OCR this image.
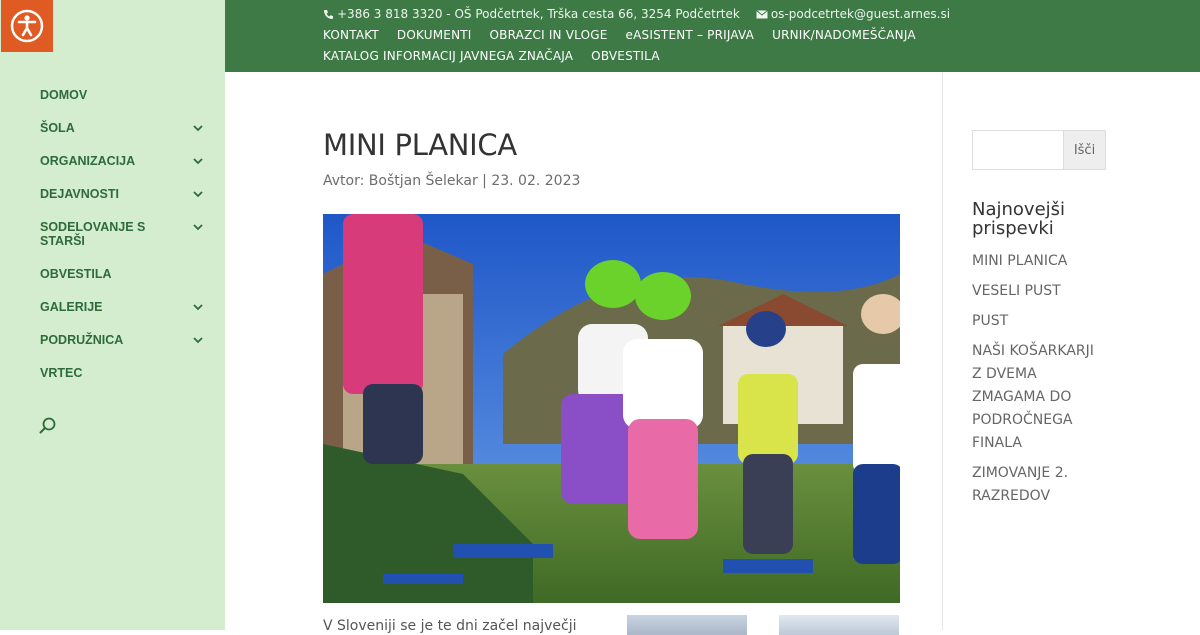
DOMOV
ŠOLA
ORGANIZACIJA
DEJAVNOSTI
SODELOVANJE S STARŠI
OBVESTILA
GALERIJE
PODRUŽNICA
VRTEC
+386 3 818 3320 - OŠ Podčetrtek, Trška cesta 66, 3254 Podčetrtek	os-podcetrtek@guest.arnes.si
KONTAKT DOKUMENTI OBRAZCI IN VLOGE eASISTENT – PRIJAVA URNIK/NADOMEŠČANJA
KATALOG INFORMACIJ JAVNEGA ZNAČAJA OBVESTILA
MINI PLANICA
Avtor: Boštjan Šelekar | 23. 02. 2023
V Sloveniji se je te dni začel največji
Išči
Najnovejši prispevki
MINI PLANICA
VESELI PUST
PUST
NAŠI KOŠARKARJI Z DVEMA ZMAGAMA DO PODROČNEGA FINALA
ZIMOVANJE 2. RAZREDOV
